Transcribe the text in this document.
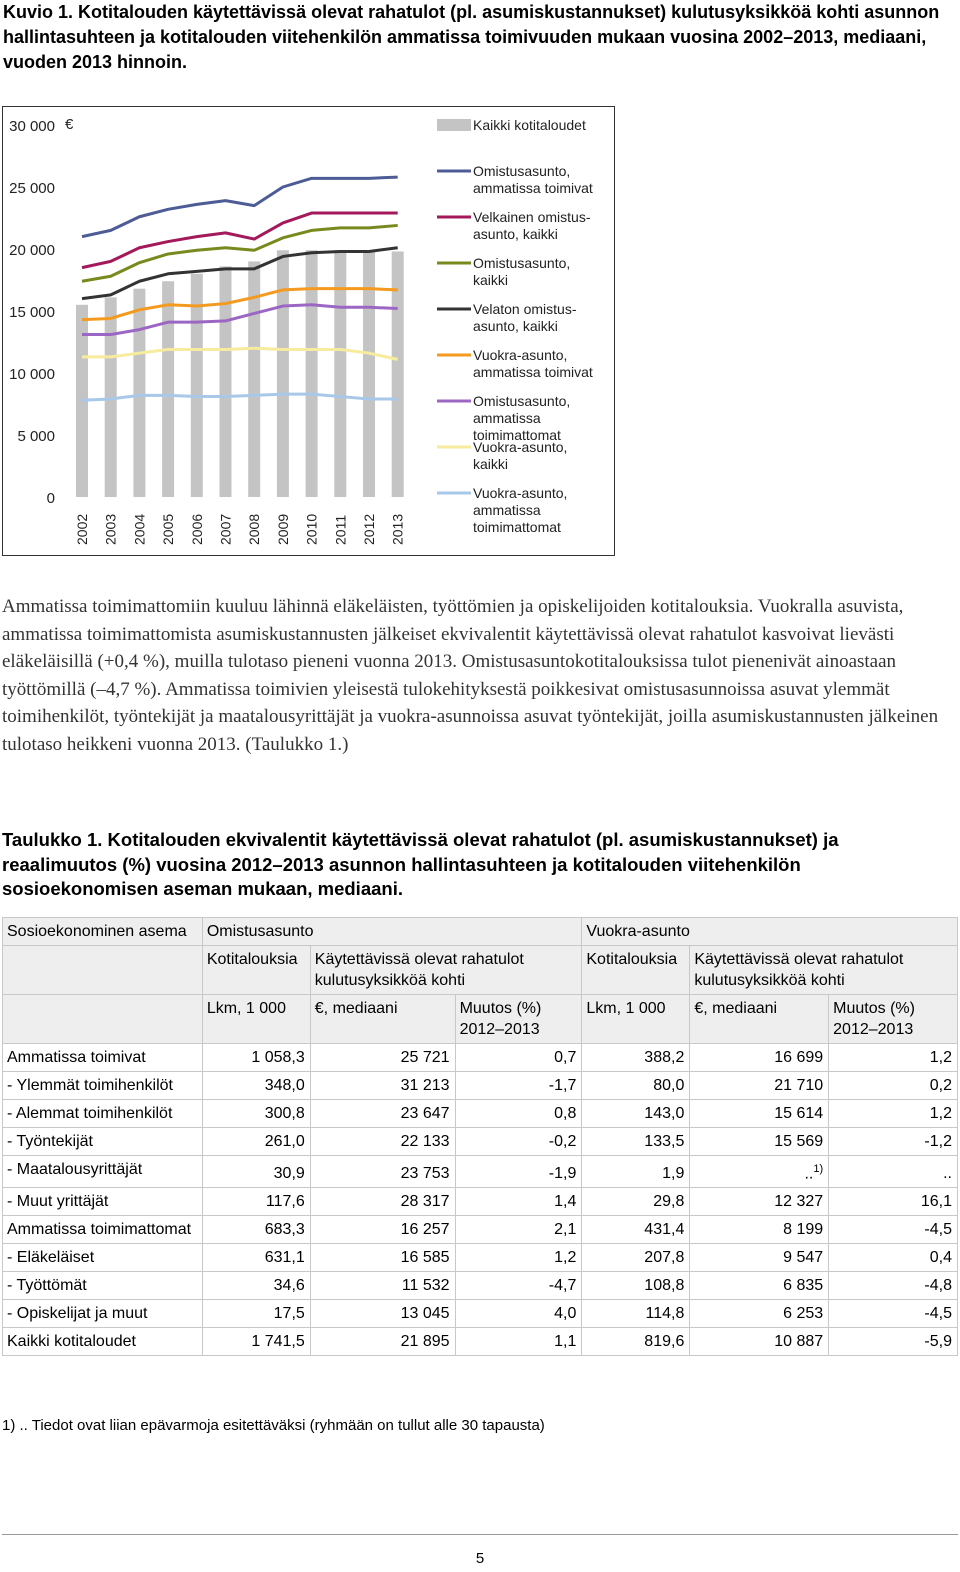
Kuvio 1. Kotitalouden käytettävissä olevat rahatulot (pl. asumiskustannukset) kulutusyksikköä kohti asunnon hallintasuhteen ja kotitalouden viitehenkilön ammatissa toimivuuden mukaan vuosina 2002–2013, mediaani, vuoden 2013 hinnoin.
0
5 000
10 000
15 000
20 000
25 000
30 000 €
2002 2003 2004 2005 2006 2007 2008 2009 2010 2011 2012 2013
Kaikki kotitaloudet
Omistusasunto,
ammatissa toimivat
Velkainen omistus-
asunto, kaikki
Omistusasunto,
kaikki
Velaton omistus-
asunto, kaikki
Vuokra-asunto,
ammatissa toimivat
Omistusasunto,
ammatissa
toimimattomat
Vuokra-asunto,
kaikki
Vuokra-asunto,
ammatissa
toimimattomat

Ammatissa toimimattomiin kuuluu lähinnä eläkeläisten, työttömien ja opiskelijoiden kotitalouksia. Vuokralla asuvista, ammatissa toimimattomista asumiskustannusten jälkeiset ekvivalentit käytettävissä olevat rahatulot kasvoivat lievästi eläkeläisillä (+0,4 %), muilla tulotaso pieneni vuonna 2013. Omistusasuntokotitalouksissa tulot pienenivät ainoastaan työttömillä (–4,7 %). Ammatissa toimivien yleisestä tulokehityksestä poikkesivat omistusasunnoissa asuvat ylemmät toimihenkilöt, työntekijät ja maatalousyrittäjät ja vuokra-asunnoissa asuvat työntekijät, joilla asumiskustannusten jälkeinen tulotaso heikkeni vuonna 2013. (Taulukko 1.)

Taulukko 1. Kotitalouden ekvivalentit käytettävissä olevat rahatulot (pl. asumiskustannukset) ja reaalimuutos (%) vuosina 2012–2013 asunnon hallintasuhteen ja kotitalouden viitehenkilön sosioekonomisen aseman mukaan, mediaani.
Sosioekonominen asema	Omistusasunto			Vuokra-asunto		
	Kotitalouksia	Käytettävissä olevat rahatulot kulutusyksikköä kohti		Kotitalouksia	Käytettävissä olevat rahatulot kulutusyksikköä kohti	
	Lkm, 1 000	€, mediaani	Muutos (%) 2012–2013	Lkm, 1 000	€, mediaani	Muutos (%) 2012–2013
Ammatissa toimivat	1 058,3	25 721	0,7	388,2	16 699	1,2
- Ylemmät toimihenkilöt	348,0	31 213	-1,7	80,0	21 710	0,2
- Alemmat toimihenkilöt	300,8	23 647	0,8	143,0	15 614	1,2
- Työntekijät	261,0	22 133	-0,2	133,5	15 569	-1,2
- Maatalousyrittäjät	30,9	23 753	-1,9	1,9	..$^{1)}$	..
- Muut yrittäjät	117,6	28 317	1,4	29,8	12 327	16,1
Ammatissa toimimattomat	683,3	16 257	2,1	431,4	8 199	-4,5
- Eläkeläiset	631,1	16 585	1,2	207,8	9 547	0,4
- Työttömät	34,6	11 532	-4,7	108,8	6 835	-4,8
- Opiskelijat ja muut	17,5	13 045	4,0	114,8	6 253	-4,5
Kaikki kotitaloudet	1 741,5	21 895	1,1	819,6	10 887	-5,9
1) .. Tiedot ovat liian epävarmoja esitettäväksi (ryhmään on tullut alle 30 tapausta)
5
